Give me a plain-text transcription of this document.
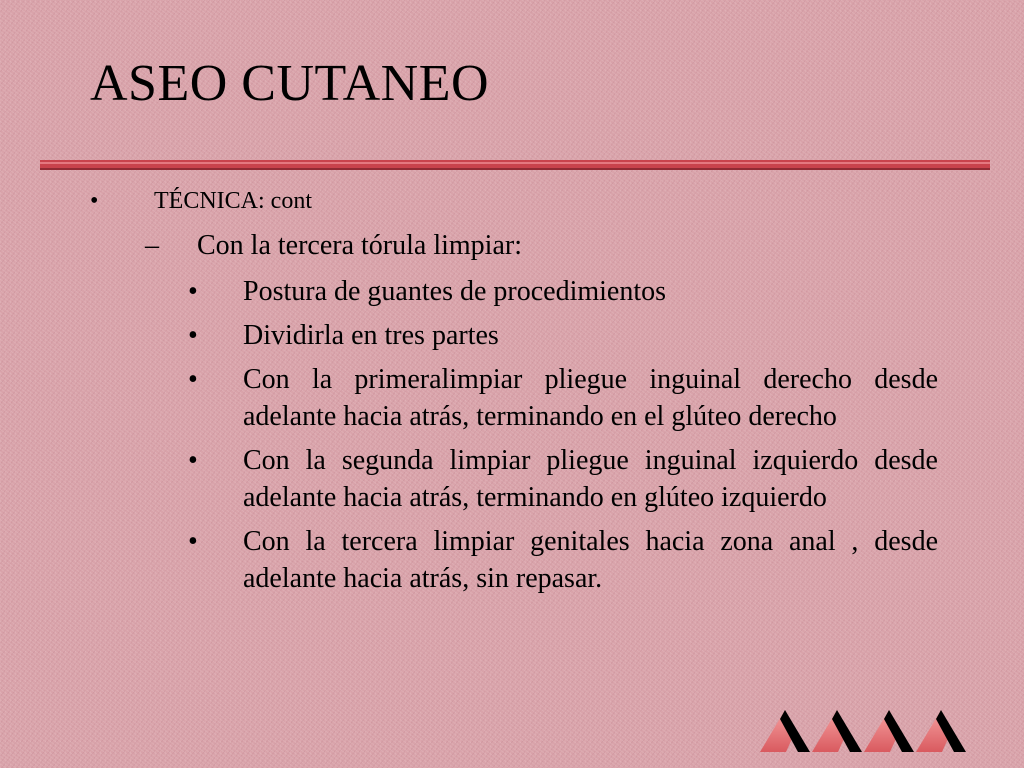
ASEO CUTANEO
• TÉCNICA: cont
– Con la tercera tórula limpiar:
• Postura de guantes de procedimientos
• Dividirla en tres partes
• Con la primeralimpiar pliegue inguinal derecho desde adelante hacia atrás, terminando en el glúteo derecho
• Con la segunda limpiar pliegue inguinal izquierdo desde adelante hacia atrás, terminando en glúteo izquierdo
• Con la tercera limpiar genitales hacia zona anal , desde adelante hacia atrás, sin repasar.
